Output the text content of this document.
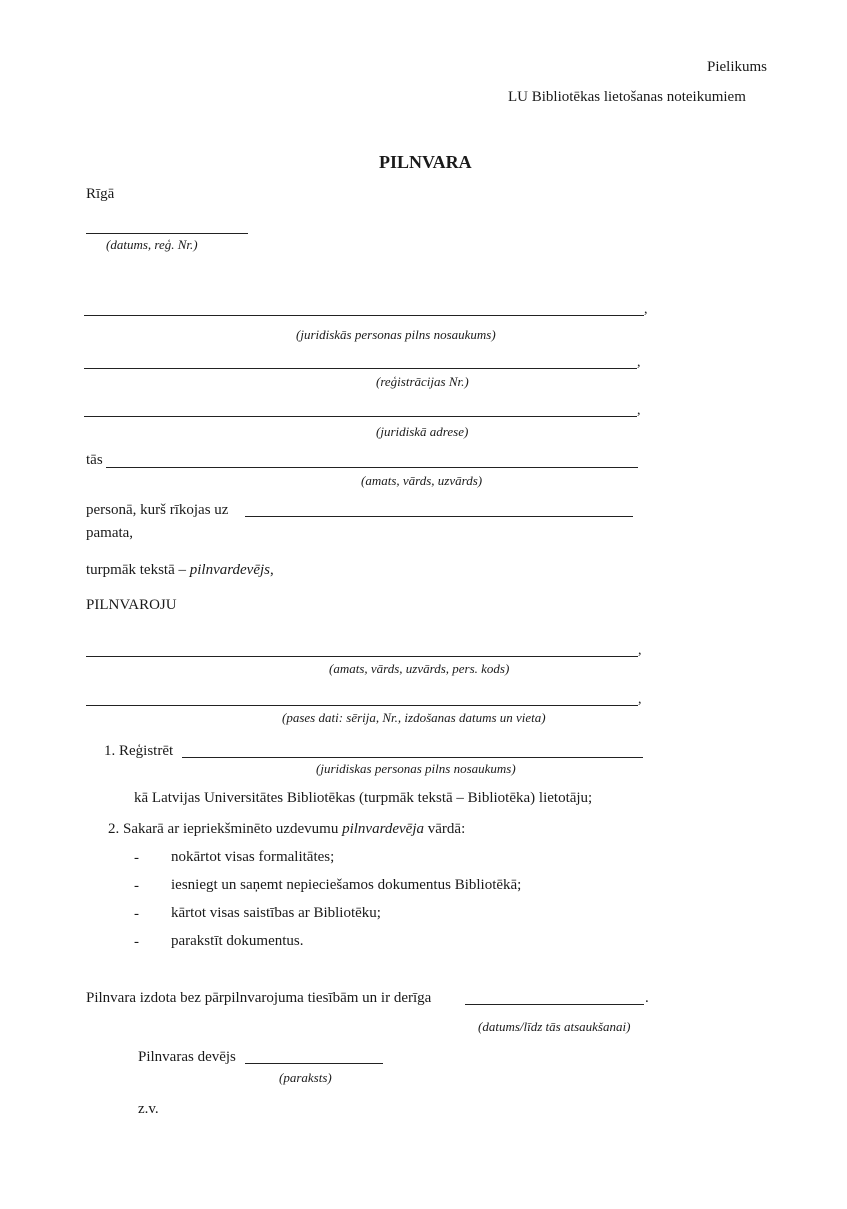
Pielikums
LU Bibliotēkas lietošanas noteikumiem
PILNVARA
Rīgā
(datums, reģ. Nr.)
,
(juridiskās personas pilns nosaukums)
,
(reģistrācijas Nr.)
,
(juridiskā adrese)
tās
(amats, vārds, uzvārds)
personā, kurš rīkojas uz
pamata,
turpmāk tekstā – pilnvardevējs,
PILNVAROJU
,
(amats, vārds, uzvārds, pers. kods)
,
(pases dati: sērija, Nr., izdošanas datums un vieta)
1. Reģistrēt
(juridiskas personas pilns nosaukums)
kā Latvijas Universitātes Bibliotēkas (turpmāk tekstā – Bibliotēka) lietotāju;
2. Sakarā ar iepriekšminēto uzdevumu pilnvardevēja vārdā:
- nokārtot visas formalitātes;
- iesniegt un saņemt nepieciešamos dokumentus Bibliotēkā;
- kārtot visas saistības ar Bibliotēku;
- parakstīt dokumentus.
Pilnvara izdota bez pārpilnvarojuma tiesībām un ir derīga	.
(datums/līdz tās atsaukšanai)
Pilnvaras devējs
(paraksts)
z.v.
